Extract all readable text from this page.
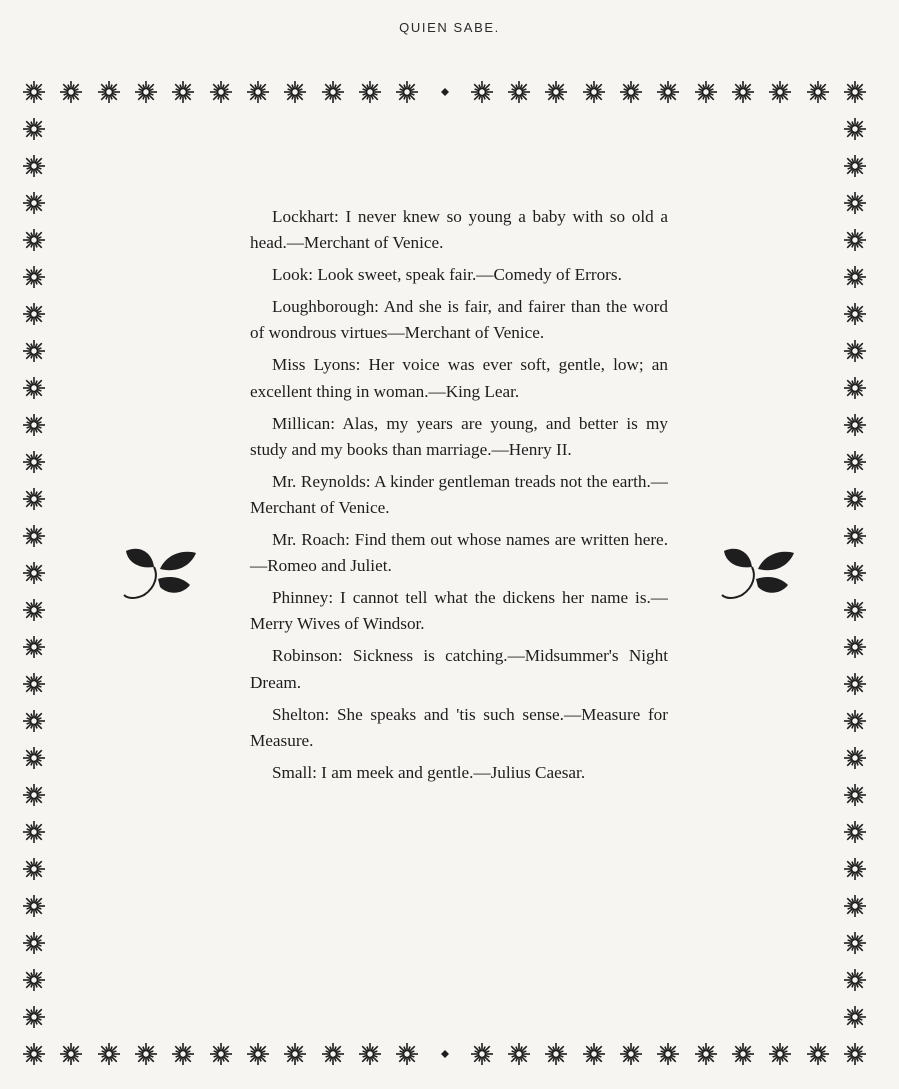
QUIEN SABE.

Lockhart: I never knew so young a baby with so old a head.—Merchant of Venice.

Look: Look sweet, speak fair.—Comedy of Errors.

Loughborough: And she is fair, and fairer than the word of wondrous virtues—Merchant of Venice.

Miss Lyons: Her voice was ever soft, gentle, low; an excellent thing in woman.—King Lear.

Millican: Alas, my years are young, and better is my study and my books than marriage.—Henry II.

Mr. Reynolds: A kinder gentleman treads not the earth.—Merchant of Venice.

Mr. Roach: Find them out whose names are written here.—Romeo and Juliet.

Phinney: I cannot tell what the dickens her name is.—Merry Wives of Windsor.

Robinson: Sickness is catching.—Midsummer's Night Dream.

Shelton: She speaks and 'tis such sense.—Measure for Measure.

Small: I am meek and gentle.—Julius Caesar.
